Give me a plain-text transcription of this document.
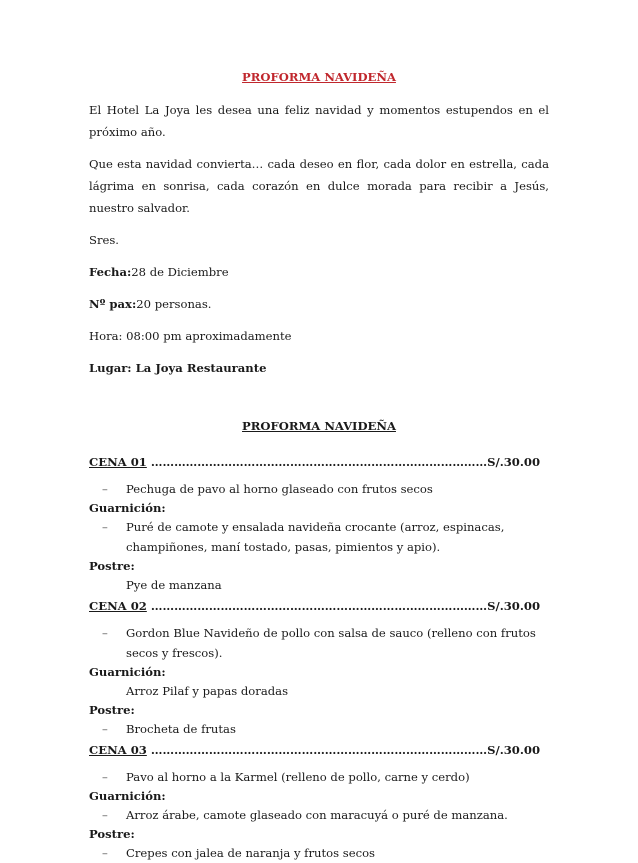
PROFORMA NAVIDEÑA

El Hotel La Joya les desea una feliz navidad y momentos estupendos en el próximo año.

Que esta navidad convierta… cada deseo en flor, cada dolor en estrella, cada lágrima en sonrisa, cada corazón en dulce morada para recibir a Jesús, nuestro salvador.

Sres.

Fecha:28 de Diciembre

Nº pax:20 personas.

Hora: 08:00 pm aproximadamente

Lugar: La Joya Restaurante

PROFORMA NAVIDEÑA
CENA 01 ……………………………………………………………………………S/.30.00
– Pechuga de pavo al horno glaseado con frutos secos
Guarnición:
– Puré de camote y ensalada navideña crocante (arroz, espinacas, champiñones, maní tostado, pasas, pimientos y apio).
Postre:
Pye de manzana
CENA 02 ……………………………………………………………………………S/.30.00
– Gordon Blue Navideño de pollo con salsa de sauco (relleno con frutos secos y frescos).
Guarnición:
Arroz Pilaf y papas doradas
Postre:
– Brocheta de frutas
CENA 03 ……………………………………………………………………………S/.30.00
– Pavo al horno a la Karmel (relleno de pollo, carne y cerdo)
Guarnición:
– Arroz árabe, camote glaseado con maracuyá o puré de manzana.
Postre:
– Crepes con jalea de naranja y frutos secos
